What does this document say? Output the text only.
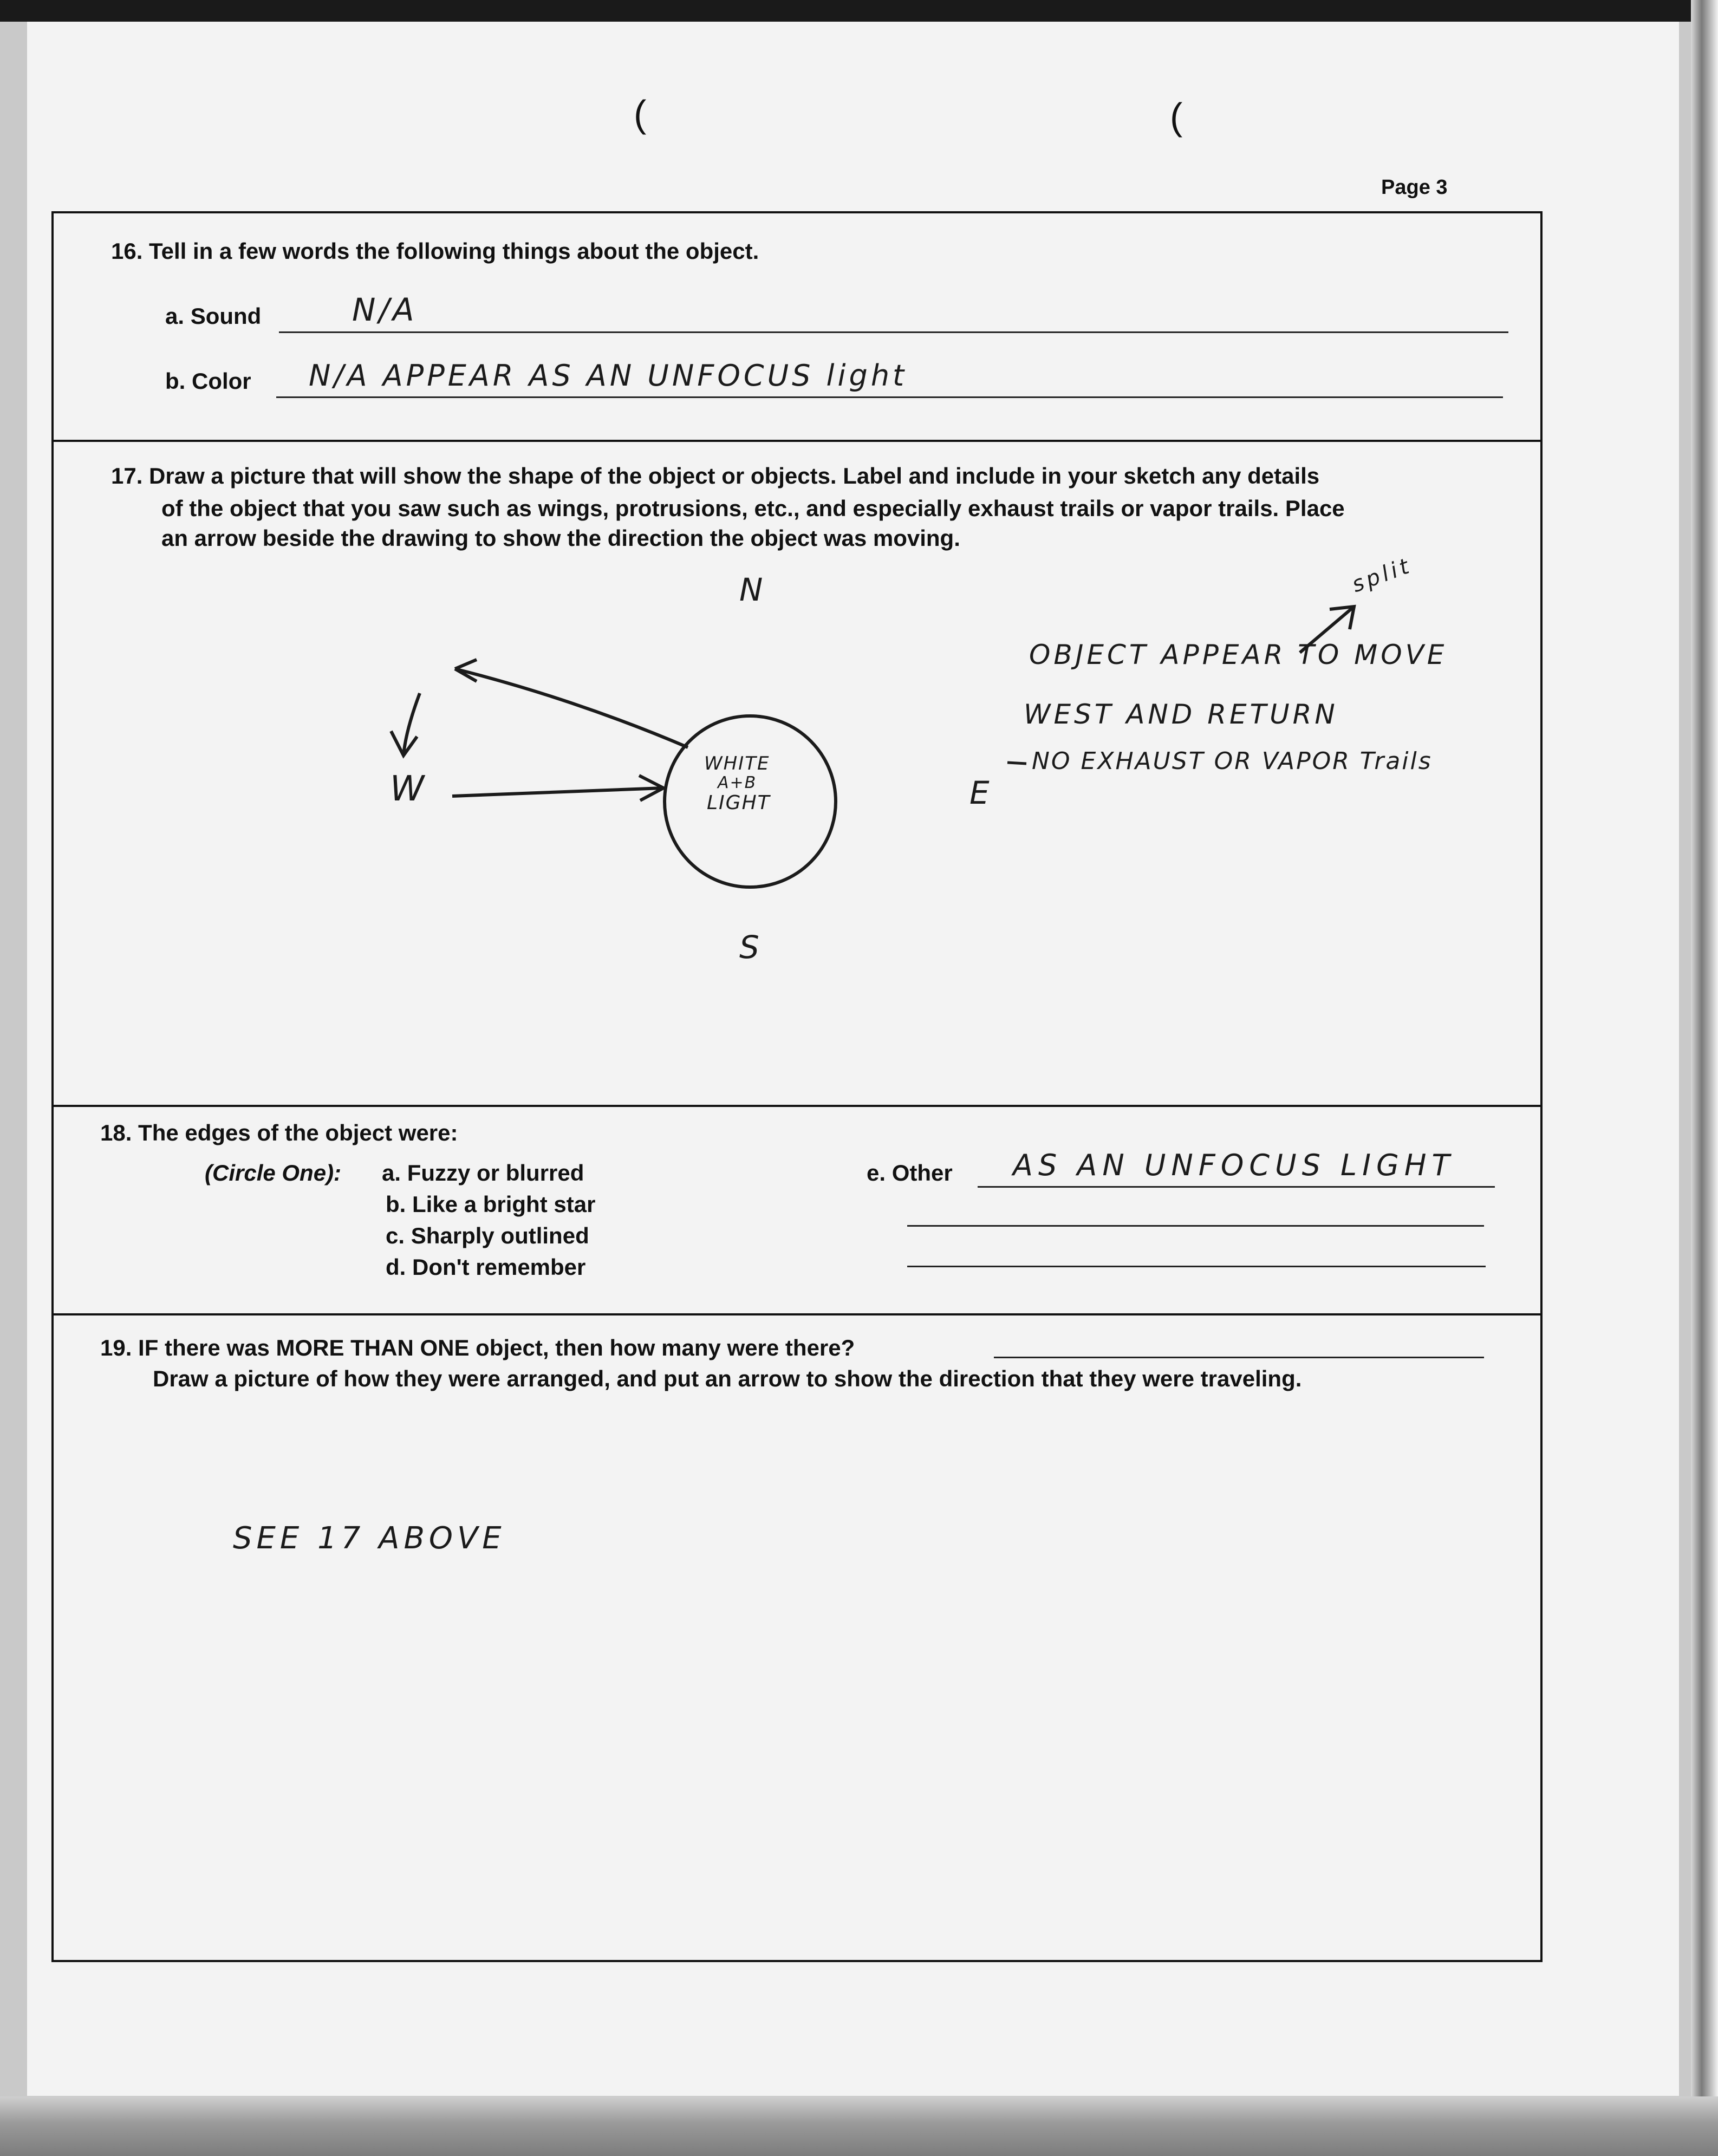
(	(
Page 3
16. Tell in a few words the following things about the object.
a. Sound	N/A
b. Color N/A APPEAR AS AN UNFOCUS light
17. Draw a picture that will show the shape of the object or objects. Label and include in your sketch any details
of the object that you saw such as wings, protrusions, etc., and especially exhaust trails or vapor trails. Place
an arrow beside the drawing to show the direction the object was moving.
N
S
E
W
WHITE
A+B
LIGHT
split
OBJECT APPEAR TO MOVE
WEST AND RETURN
NO EXHAUST OR VAPOR Trails
18. The edges of the object were:
(Circle One): a. Fuzzy or blurred
b. Like a bright star
c. Sharply outlined
d. Don't remember
e. Other AS AN UNFOCUS LIGHT
19. IF there was MORE THAN ONE object, then how many were there?
Draw a picture of how they were arranged, and put an arrow to show the direction that they were traveling.
SEE 17 ABOVE
